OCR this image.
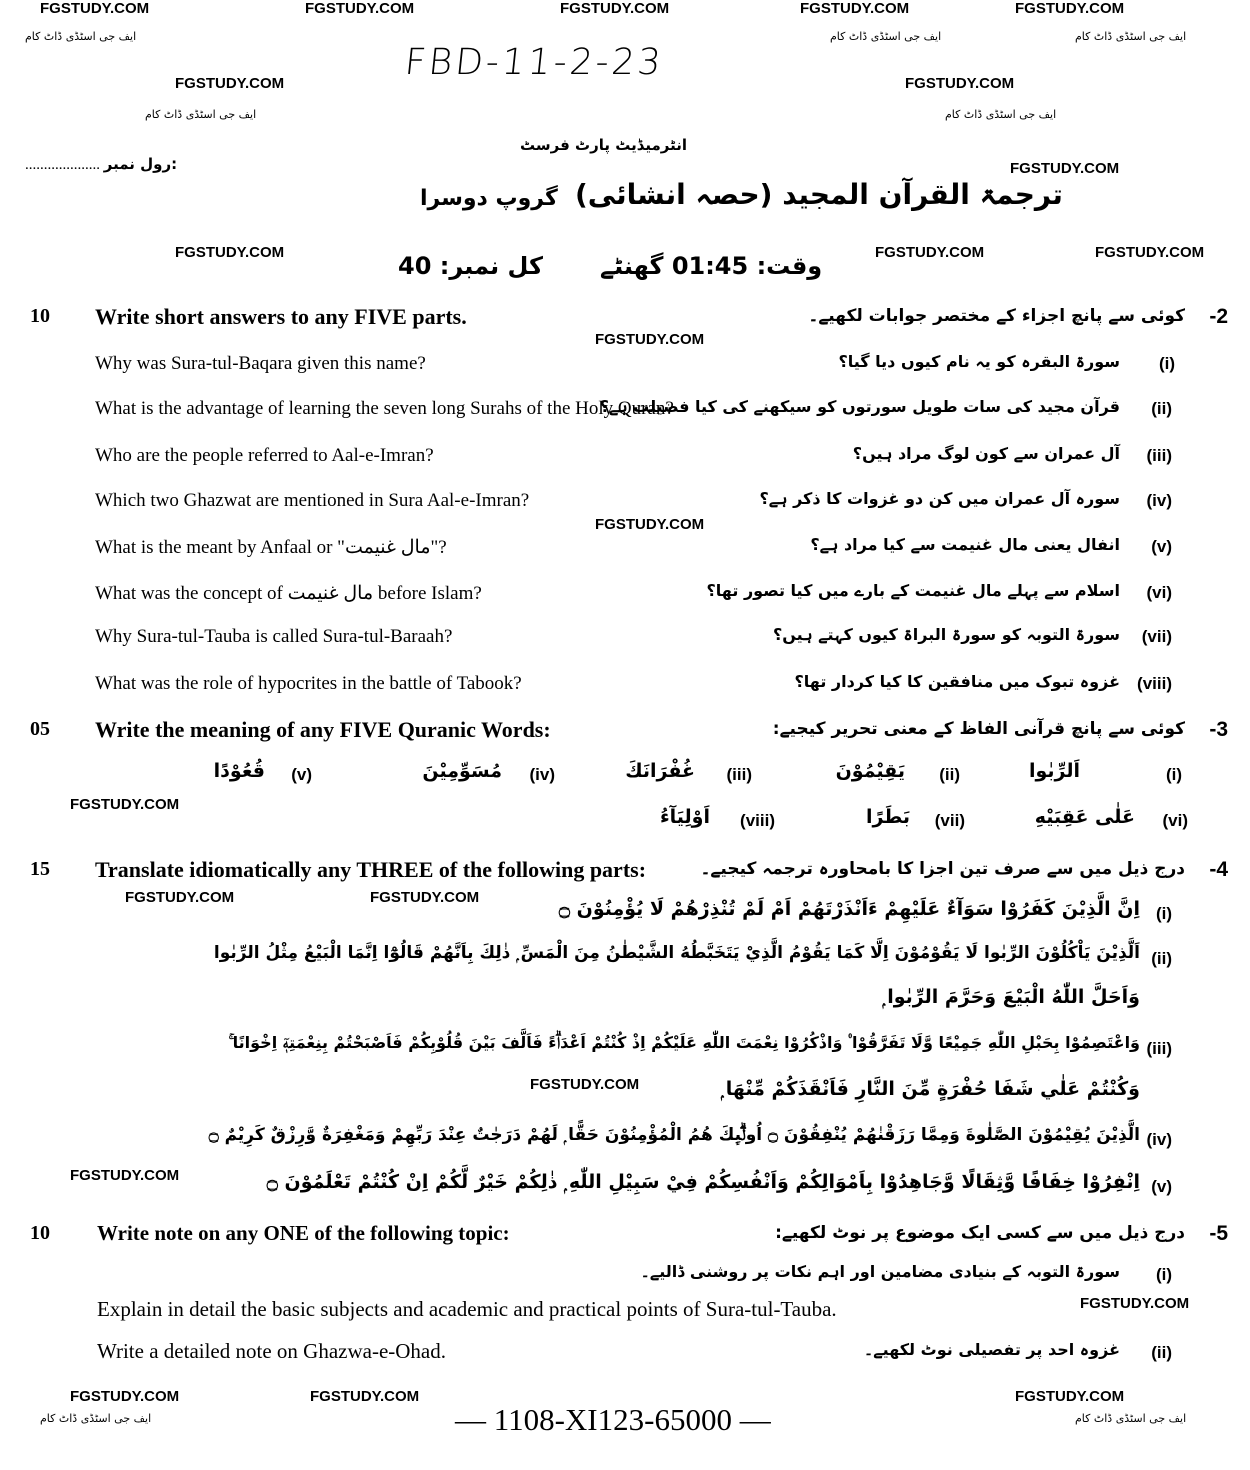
FGSTUDY.COM	FGSTUDY.COM	FGSTUDY.COM	FGSTUDY.COM	FGSTUDY.COM
ایف جی اسٹڈی ڈاٹ کام	ایف جی اسٹڈی ڈاٹ کام	ایف جی اسٹڈی ڈاٹ کام
FGSTUDY.COM	FGSTUDY.COM
ایف جی اسٹڈی ڈاٹ کام	ایف جی اسٹڈی ڈاٹ کام
FGSTUDY.COM
FGSTUDY.COM	FGSTUDY.COM	FGSTUDY.COM
FGSTUDY.COM
FGSTUDY.COM
FGSTUDY.COM
FGSTUDY.COM
FGSTUDY.COM
FGSTUDY.COM
FGSTUDY.COM
FGSTUDY.COM
FGSTUDY.COM	FGSTUDY.COM	FGSTUDY.COM
ایف جی اسٹڈی ڈاٹ کام	ایف جی اسٹڈی ڈاٹ کام
FBD-11-2-23
انٹرمیڈیٹ پارٹ فرسٹ
.................... رول نمبر:
ترجمۃ القرآن المجید (حصہ انشائی)
گروپ دوسرا
وقت: 01:45 گھنٹے
کل نمبر: 40
10 Write short answers to any FIVE parts.	کوئی سے پانچ اجزاء کے مختصر جوابات لکھیے۔ -2
Why was Sura-tul-Baqara given this name?	سورۃ البقرہ کو یہ نام کیوں دیا گیا؟ (i)
What is the advantage of learning the seven long Surahs of the Holy Quran?
قرآن مجید کی سات طویل سورتوں کو سیکھنے کی کیا فضیلت ہے؟ (ii)
Who are the people referred to Aal-e-Imran?	آل عمران سے کون لوگ مراد ہیں؟ (iii)
Which two Ghazwat are mentioned in Sura Aal-e-Imran?	سورہ آل عمران میں کن دو غزوات کا ذکر ہے؟ (iv)
What is the meant by Anfaal or "مال غنیمت"?	انفال یعنی مال غنیمت سے کیا مراد ہے؟ (v)
What was the concept of مال غنیمت before Islam?	اسلام سے پہلے مال غنیمت کے بارے میں کیا تصور تھا؟ (vi)
Why Sura-tul-Tauba is called Sura-tul-Baraah?	سورۃ التوبہ کو سورۃ البراۃ کیوں کہتے ہیں؟ (vii)
What was the role of hypocrites in the battle of Tabook?	غزوہ تبوک میں منافقین کا کیا کردار تھا؟ (viii)
05 Write the meaning of any FIVE Quranic Words:	کوئی سے پانچ قرآنی الفاظ کے معنی تحریر کیجیے: -3
(i)
اَلرِّبٰوا
(ii)
يَقِيْمُوْنَ
(iii)
غُفْرَانَكَ
(iv)
مُسَوِّمِيْنَ
(v)
قُعُوْدًا
(vi)
عَلٰى عَقِبَيْهِ
(vii)
بَطَرًا
(viii)
اَوْلِيَآءُ
15 Translate idiomatically any THREE of the following parts:	درج ذیل میں سے صرف تین اجزا کا بامحاورہ ترجمہ کیجیے۔ -4
(i)
اِنَّ الَّذِيْنَ كَفَرُوْا سَوَآءٌ عَلَيْهِمْ ءَاَنْذَرْتَهُمْ اَمْ لَمْ تُنْذِرْهُمْ لَا يُؤْمِنُوْنَ ۝
(ii)
اَلَّذِيْنَ يَاْكُلُوْنَ الرِّبٰوا لَا يَقُوْمُوْنَ اِلَّا كَمَا يَقُوْمُ الَّذِيْ يَتَخَبَّطُهُ الشَّيْطٰنُ مِنَ الْمَسِّ ۭ ذٰلِكَ بِاَنَّهُمْ قَالُوْٓا اِنَّمَا الْبَيْعُ مِثْلُ الرِّبٰوا
وَاَحَلَّ اللّٰهُ الْبَيْعَ وَحَرَّمَ الرِّبٰوا ۭ
(iii)
وَاعْتَصِمُوْا بِحَبْلِ اللّٰهِ جَمِيْعًا وَّلَا تَفَرَّقُوْا ۠ وَاذْكُرُوْا نِعْمَتَ اللّٰهِ عَلَيْكُمْ اِذْ كُنْتُمْ اَعْدَاۗءً فَاَلَّفَ بَيْنَ قُلُوْبِكُمْ فَاَصْبَحْتُمْ بِنِعْمَتِهٖٓ اِخْوَانًا ۚ
وَكُنْتُمْ عَلٰي شَفَا حُفْرَةٍ مِّنَ النَّارِ فَاَنْقَذَكُمْ مِّنْهَا ۭ
(iv)
الَّذِيْنَ يُقِيْمُوْنَ الصَّلٰوةَ وَمِمَّا رَزَقْنٰھُمْ يُنْفِقُوْنَ ۝ اُولٰۗىِٕكَ ھُمُ الْمُؤْمِنُوْنَ حَقًّا ۭ لَھُمْ دَرَجٰتٌ عِنْدَ رَبِّهِمْ وَمَغْفِرَةٌ وَّرِزْقٌ كَرِيْمٌ ۝
(v)
اِنْفِرُوْا خِفَافًا وَّثِقَالًا وَّجَاهِدُوْا بِاَمْوَالِكُمْ وَاَنْفُسِكُمْ فِيْ سَبِيْلِ اللّٰهِ ۭ ذٰلِكُمْ خَيْرٌ لَّكُمْ اِنْ كُنْتُمْ تَعْلَمُوْنَ ۝
10 Write note on any ONE of the following topic:	درج ذیل میں سے کسی ایک موضوع پر نوٹ لکھیے: -5
(i)
سورۃ التوبہ کے بنیادی مضامین اور اہم نکات پر روشنی ڈالیے۔
Explain in detail the basic subjects and academic and practical points of Sura-tul-Tauba.
(ii)
غزوہ احد پر تفصیلی نوٹ لکھیے۔
Write a detailed note on Ghazwa-e-Ohad.
— 1108-XI123-65000 —
